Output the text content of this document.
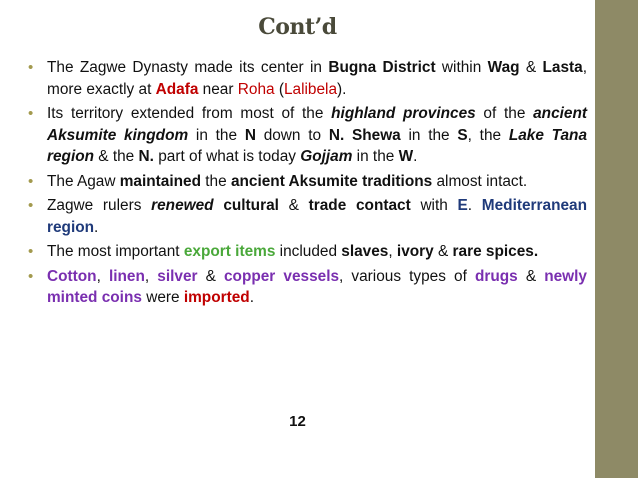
Cont’d

• The Zagwe Dynasty made its center in Bugna District within Wag & Lasta, more exactly at Adafa near Roha (Lalibela).

• Its territory extended from most of the highland provinces of the ancient Aksumite kingdom in the N down to N. Shewa in the S, the Lake Tana region & the N. part of what is today Gojjam in the W.

• The Agaw maintained the ancient Aksumite traditions almost intact.

• Zagwe rulers renewed cultural & trade contact with E. Mediterranean region.

• The most important export items included slaves, ivory & rare spices.

• Cotton, linen, silver & copper vessels, various types of drugs & newly minted coins were imported.

12
